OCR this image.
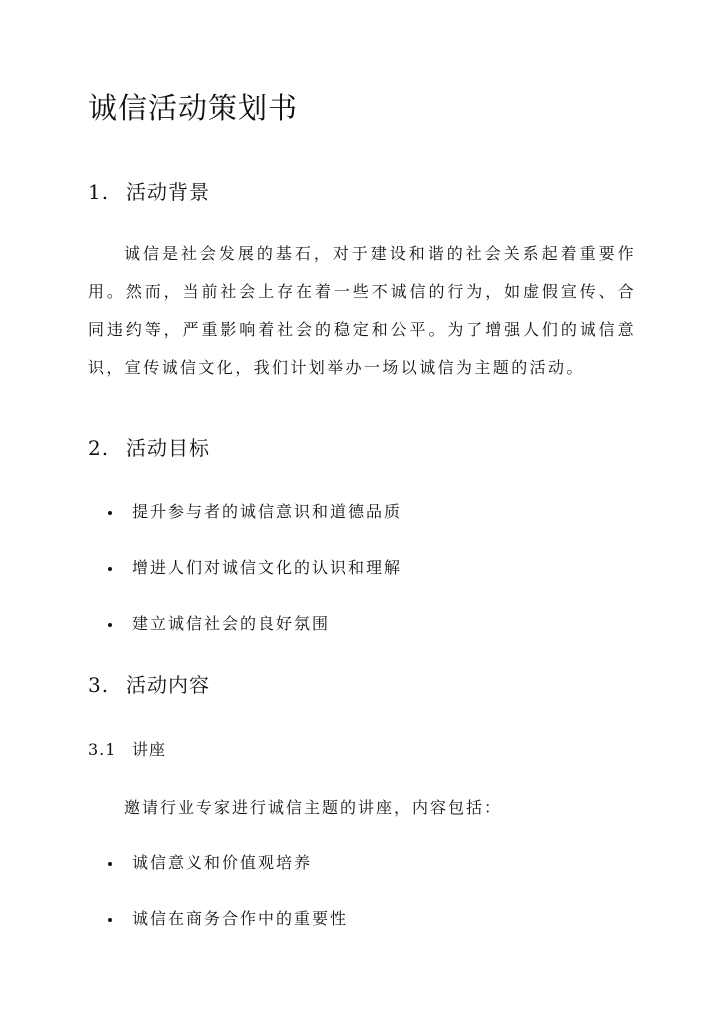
诚信活动策划书
1. 活动背景

诚信是社会发展的基石，对于建设和谐的社会关系起着重要作用。然而，当前社会上存在着一些不诚信的行为，如虚假宣传、合同违约等，严重影响着社会的稳定和公平。为了增强人们的诚信意识，宣传诚信文化，我们计划举办一场以诚信为主题的活动。

2. 活动目标

提升参与者的诚信意识和道德品质

增进人们对诚信文化的认识和理解

建立诚信社会的良好氛围

3. 活动内容
3.1 讲座

邀请行业专家进行诚信主题的讲座，内容包括：

诚信意义和价值观培养

诚信在商务合作中的重要性
